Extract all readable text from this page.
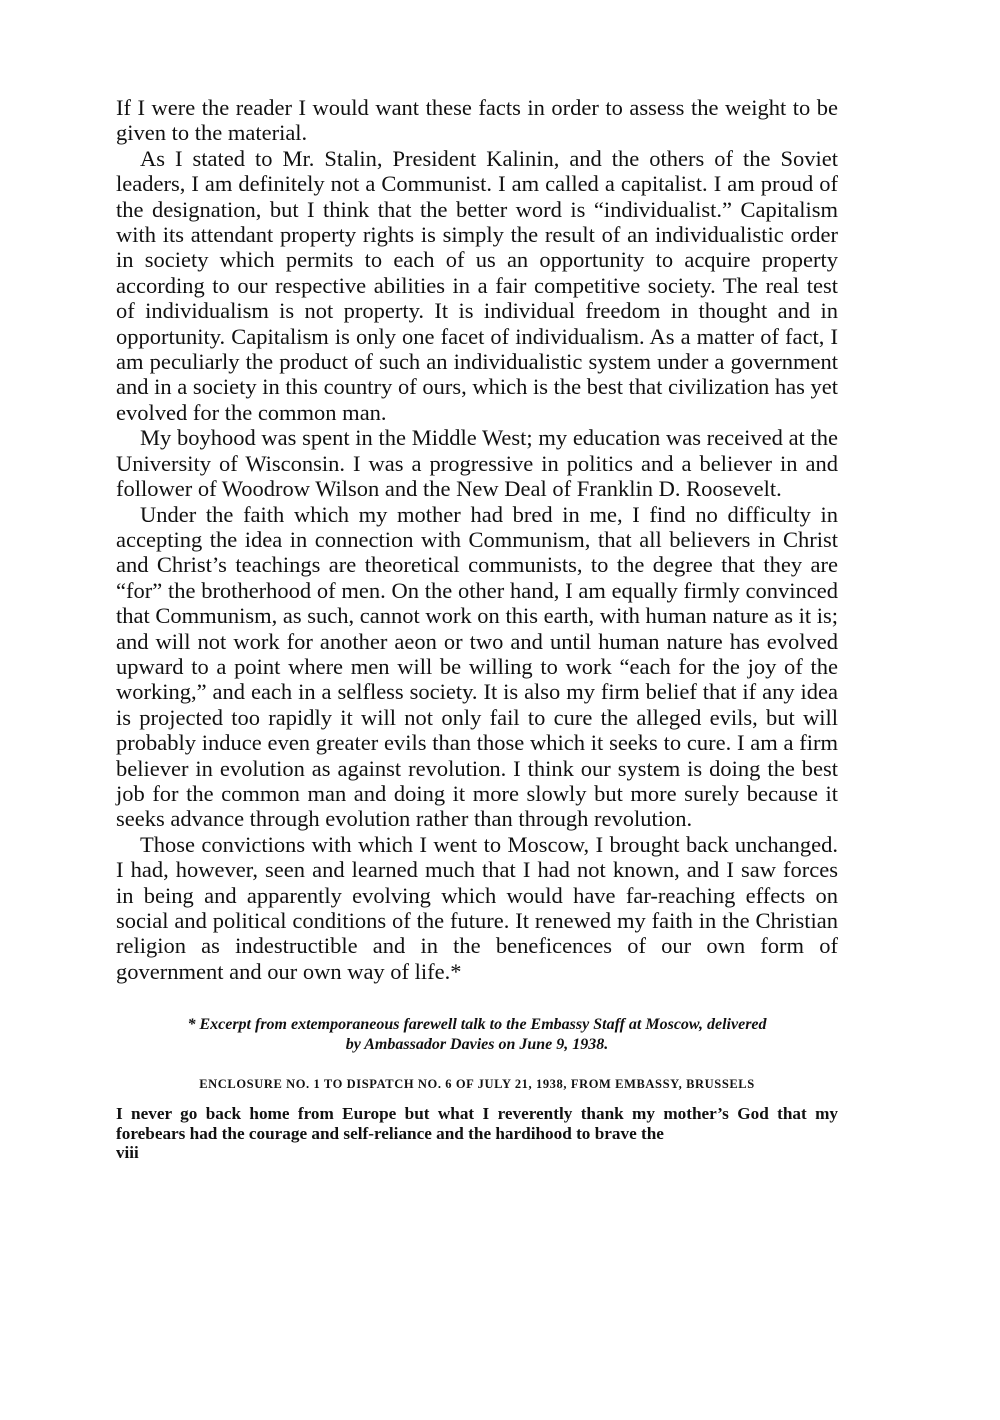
If I were the reader I would want these facts in order to assess the weight to be given to the material.

As I stated to Mr. Stalin, President Kalinin, and the others of the Soviet leaders, I am definitely not a Communist. I am called a capitalist. I am proud of the designation, but I think that the better word is “individualist.” Capitalism with its attendant property rights is simply the result of an individualistic order in society which permits to each of us an opportunity to acquire property according to our respective abilities in a fair competitive society. The real test of individualism is not property. It is individual freedom in thought and in opportunity. Capitalism is only one facet of individualism. As a matter of fact, I am peculiarly the product of such an individualistic system under a government and in a society in this country of ours, which is the best that civilization has yet evolved for the common man.

My boyhood was spent in the Middle West; my education was received at the University of Wisconsin. I was a progressive in politics and a believer in and follower of Woodrow Wilson and the New Deal of Franklin D. Roosevelt.

Under the faith which my mother had bred in me, I find no difficulty in accepting the idea in connection with Communism, that all believers in Christ and Christ’s teachings are theoretical communists, to the degree that they are “for” the brotherhood of men. On the other hand, I am equally firmly convinced that Communism, as such, cannot work on this earth, with human nature as it is; and will not work for another aeon or two and until human nature has evolved upward to a point where men will be willing to work “each for the joy of the working,” and each in a selfless society. It is also my firm belief that if any idea is projected too rapidly it will not only fail to cure the alleged evils, but will probably induce even greater evils than those which it seeks to cure. I am a firm believer in evolution as against revolution. I think our system is doing the best job for the common man and doing it more slowly but more surely because it seeks advance through evolution rather than through revolution.

Those convictions with which I went to Moscow, I brought back unchanged. I had, however, seen and learned much that I had not known, and I saw forces in being and apparently evolving which would have far-reaching effects on social and political conditions of the future. It renewed my faith in the Christian religion as indestructible and in the beneficences of our own form of government and our own way of life.*

* Excerpt from extemporaneous farewell talk to the Embassy Staff at Moscow, delivered
by Ambassador Davies on June 9, 1938.
ENCLOSURE NO. 1 TO DISPATCH NO. 6 OF JULY 21, 1938, FROM EMBASSY, BRUSSELS
I never go back home from Europe but what I reverently thank my mother’s God that my forebears had the courage and self-reliance and the hardihood to brave the
viii
